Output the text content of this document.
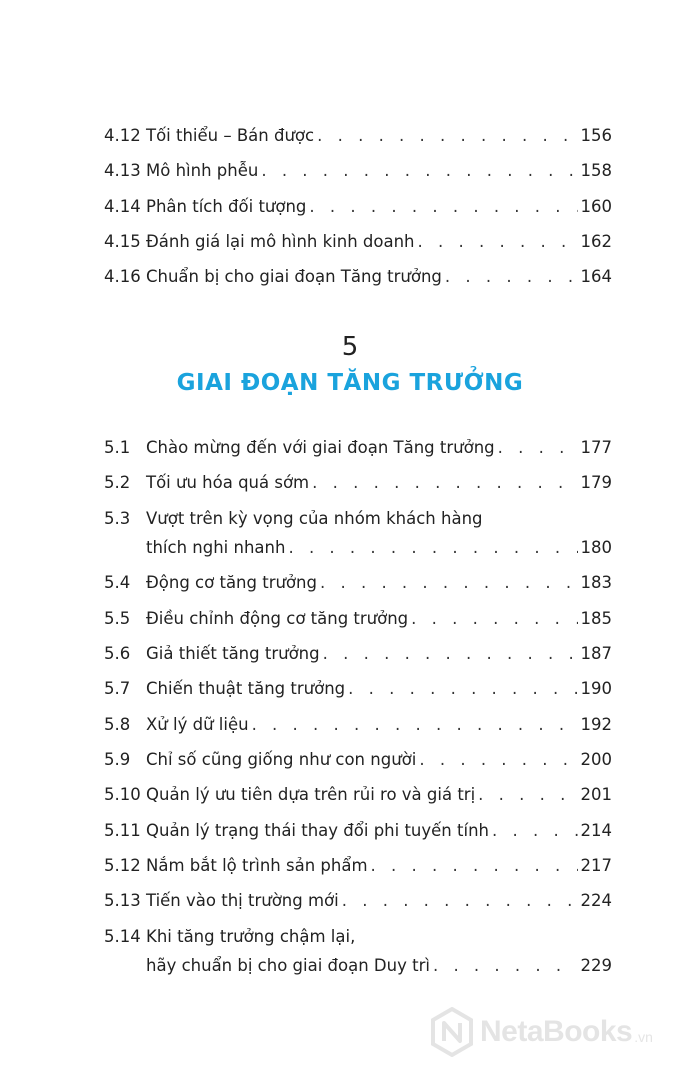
4.12 Tối thiểu – Bán được . . .	156
4.13 Mô hình phễu . . .	158
4.14 Phân tích đối tượng . . .	160
4.15 Đánh giá lại mô hình kinh doanh . . .	162
4.16 Chuẩn bị cho giai đoạn Tăng trưởng . . .	164
5
GIAI ĐOẠN TĂNG TRƯỞNG
5.1 Chào mừng đến với giai đoạn Tăng trưởng . . .	177
5.2 Tối ưu hóa quá sớm . . .	179
5.3 Vượt trên kỳ vọng của nhóm khách hàng
thích nghi nhanh . . .	180
5.4 Động cơ tăng trưởng . . .	183
5.5 Điều chỉnh động cơ tăng trưởng . . .	185
5.6 Giả thiết tăng trưởng . . .	187
5.7 Chiến thuật tăng trưởng . . .	190
5.8 Xử lý dữ liệu . . .	192
5.9 Chỉ số cũng giống như con người . . .	200
5.10 Quản lý ưu tiên dựa trên rủi ro và giá trị . . .	201
5.11 Quản lý trạng thái thay đổi phi tuyến tính . . .	214
5.12 Nắm bắt lộ trình sản phẩm . . .	217
5.13 Tiến vào thị trường mới . . .	224
5.14 Khi tăng trưởng chậm lại,
hãy chuẩn bị cho giai đoạn Duy trì . . .	229
NetaBooks .vn
